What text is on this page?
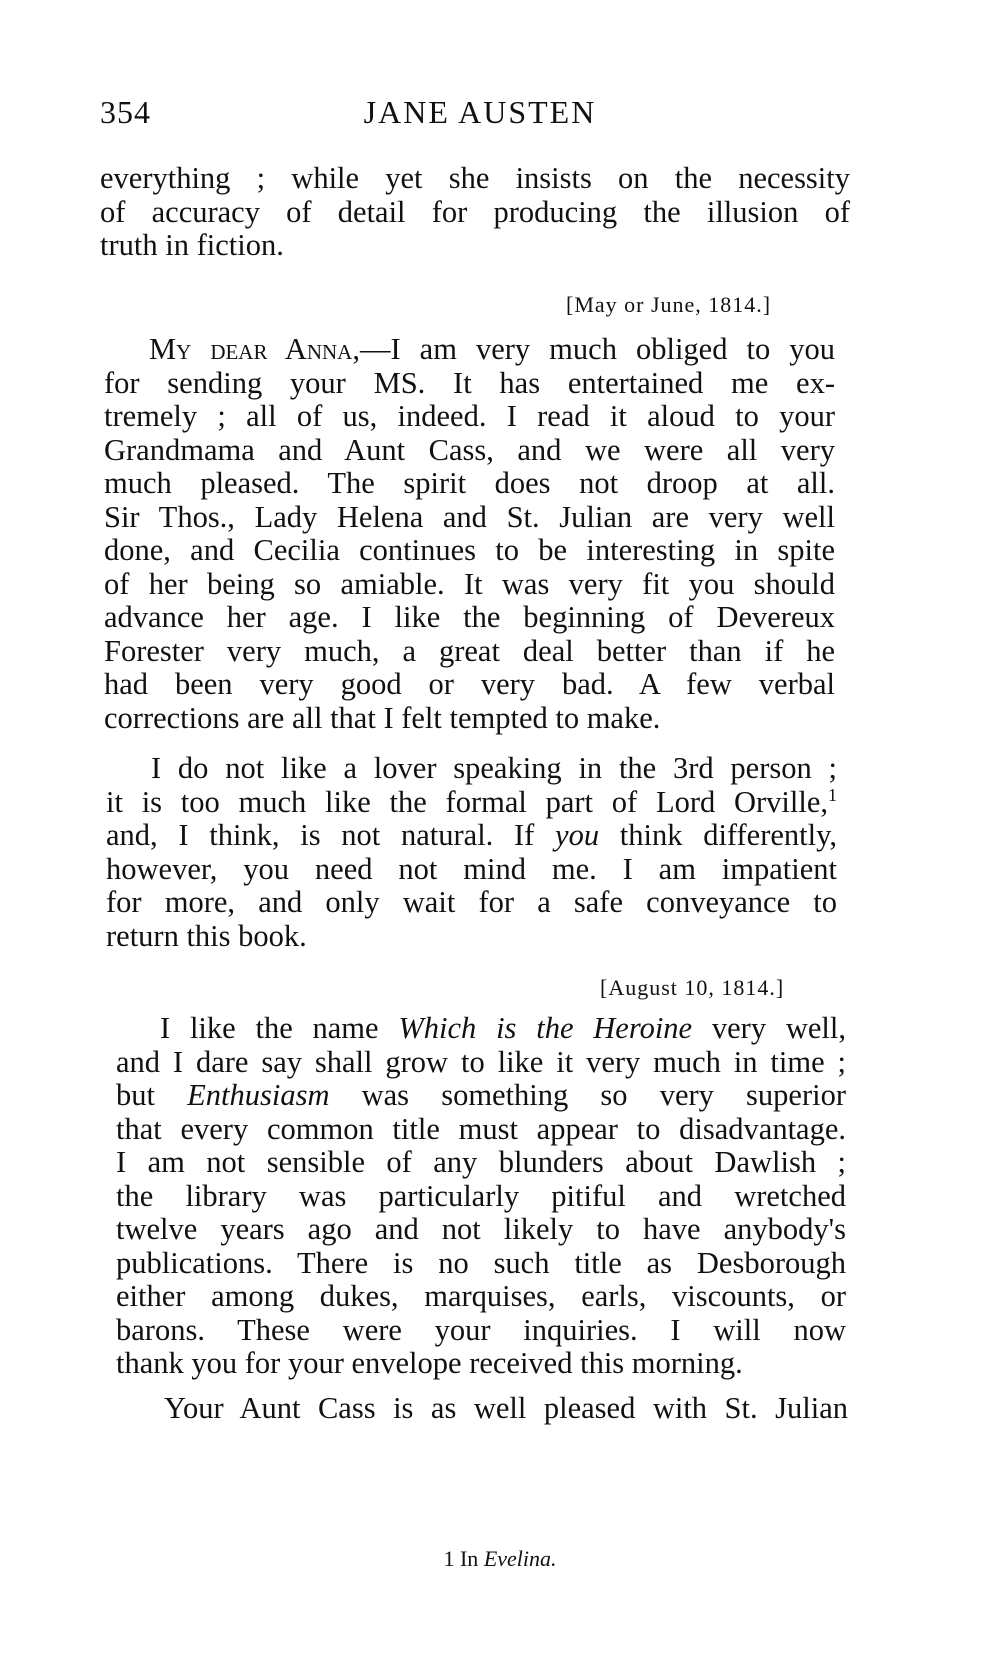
354	JANE AUSTEN
everything ; while yet she insists on the necessity
of accuracy of detail for producing the illusion of
truth in fiction.
[May or June, 1814.]
My dear Anna,—I am very much obliged to you
for sending your MS. It has entertained me ex-
tremely ; all of us, indeed. I read it aloud to your
Grandmama and Aunt Cass, and we were all very
much pleased. The spirit does not droop at all.
Sir Thos., Lady Helena and St. Julian are very well
done, and Cecilia continues to be interesting in spite
of her being so amiable. It was very fit you should
advance her age. I like the beginning of Devereux
Forester very much, a great deal better than if he
had been very good or very bad. A few verbal
corrections are all that I felt tempted to make.
I do not like a lover speaking in the 3rd person ;
it is too much like the formal part of Lord Orville,$^1$
and, I think, is not natural. If you think differently,
however, you need not mind me. I am impatient
for more, and only wait for a safe conveyance to
return this book.
[August 10, 1814.]
I like the name Which is the Heroine very well,
and I dare say shall grow to like it very much in time ;
but Enthusiasm was something so very superior
that every common title must appear to disadvantage.
I am not sensible of any blunders about Dawlish ;
the library was particularly pitiful and wretched
twelve years ago and not likely to have anybody's
publications. There is no such title as Desborough
either among dukes, marquises, earls, viscounts, or
barons. These were your inquiries. I will now
thank you for your envelope received this morning.
Your Aunt Cass is as well pleased with St. Julian
1 In Evelina.
